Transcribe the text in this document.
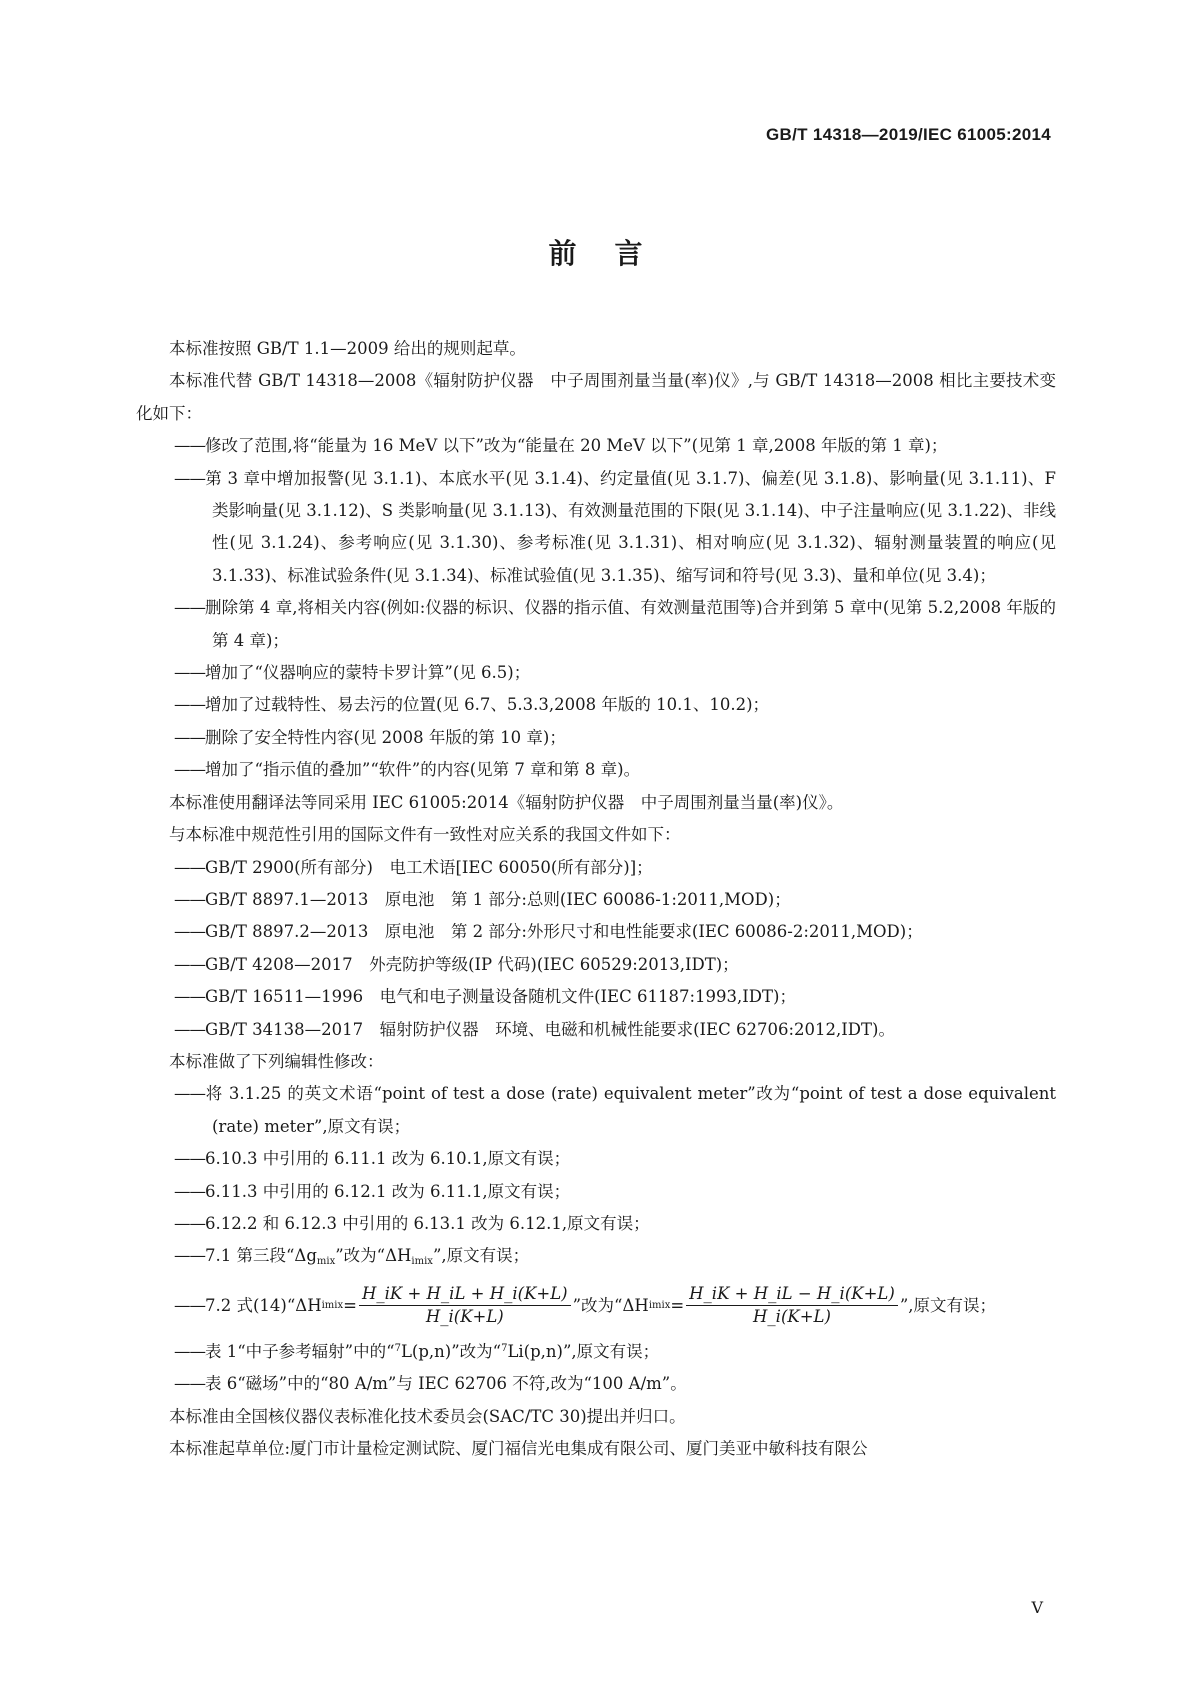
GB/T 14318—2019/IEC 61005:2014
前言

本标准按照 GB/T 1.1—2009 给出的规则起草。

本标准代替 GB/T 14318—2008《辐射防护仪器　中子周围剂量当量(率)仪》,与 GB/T 14318—2008 相比主要技术变化如下：

——修改了范围,将“能量为 16 MeV 以下”改为“能量在 20 MeV 以下”(见第 1 章,2008 年版的第 1 章)；

——第 3 章中增加报警(见 3.1.1)、本底水平(见 3.1.4)、约定量值(见 3.1.7)、偏差(见 3.1.8)、影响量(见 3.1.11)、F 类影响量(见 3.1.12)、S 类影响量(见 3.1.13)、有效测量范围的下限(见 3.1.14)、中子注量响应(见 3.1.22)、非线性(见 3.1.24)、参考响应(见 3.1.30)、参考标准(见 3.1.31)、相对响应(见 3.1.32)、辐射测量装置的响应(见 3.1.33)、标准试验条件(见 3.1.34)、标准试验值(见 3.1.35)、缩写词和符号(见 3.3)、量和单位(见 3.4)；

——删除第 4 章,将相关内容(例如:仪器的标识、仪器的指示值、有效测量范围等)合并到第 5 章中(见第 5.2,2008 年版的第 4 章)；

——增加了“仪器响应的蒙特卡罗计算”(见 6.5)；

——增加了过载特性、易去污的位置(见 6.7、5.3.3,2008 年版的 10.1、10.2)；

——删除了安全特性内容(见 2008 年版的第 10 章)；

——增加了“指示值的叠加”“软件”的内容(见第 7 章和第 8 章)。

本标准使用翻译法等同采用 IEC 61005:2014《辐射防护仪器　中子周围剂量当量(率)仪》。

与本标准中规范性引用的国际文件有一致性对应关系的我国文件如下：

——GB/T 2900(所有部分)　电工术语[IEC 60050(所有部分)]；

——GB/T 8897.1—2013　原电池　第 1 部分:总则(IEC 60086-1:2011,MOD)；

——GB/T 8897.2—2013　原电池　第 2 部分:外形尺寸和电性能要求(IEC 60086-2:2011,MOD)；

——GB/T 4208—2017　外壳防护等级(IP 代码)(IEC 60529:2013,IDT)；

——GB/T 16511—1996　电气和电子测量设备随机文件(IEC 61187:1993,IDT)；

——GB/T 34138—2017　辐射防护仪器　环境、电磁和机械性能要求(IEC 62706:2012,IDT)。

本标准做了下列编辑性修改：

——将 3.1.25 的英文术语“point of test a dose (rate) equivalent meter”改为“point of test a dose equivalent (rate) meter”,原文有误；

——6.10.3 中引用的 6.11.1 改为 6.10.1,原文有误；

——6.11.3 中引用的 6.12.1 改为 6.11.1,原文有误；

——6.12.2 和 6.12.3 中引用的 6.13.1 改为 6.12.1,原文有误；

——7.1 第三段“$\Delta g_{mix}$”改为“$\Delta H_{imix}$”,原文有误；

—— 7.2 式(14)“ΔH imix = $\frac{H\_iK + H\_iL + H\_i(K+L)}{H\_i(K+L)}$ ”改为“ΔH imix = $\frac{H\_iK + H\_iL - H\_i(K+L)}{H\_i(K+L)}$ ”,原文有误；

——表 1“中子参考辐射”中的“$^7$L(p,n)”改为“$^7$Li(p,n)”,原文有误；

——表 6“磁场”中的“80 A/m”与 IEC 62706 不符,改为“100 A/m”。

本标准由全国核仪器仪表标准化技术委员会(SAC/TC 30)提出并归口。

本标准起草单位:厦门市计量检定测试院、厦门福信光电集成有限公司、厦门美亚中敏科技有限公

V
